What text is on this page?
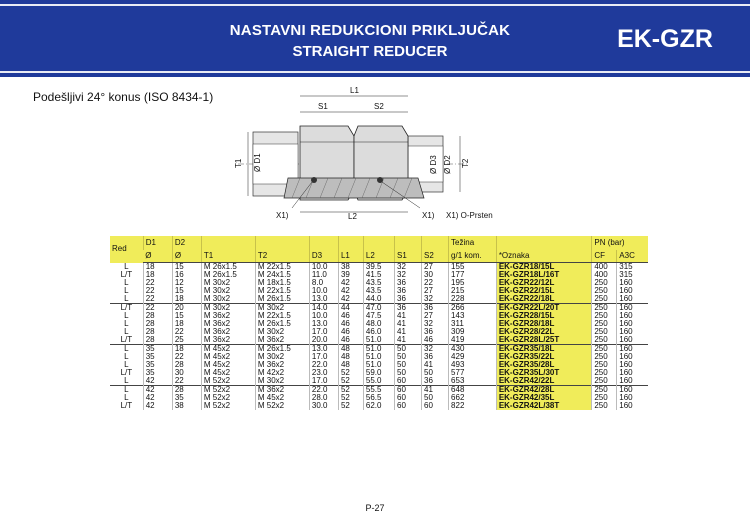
NASTAVNI REDUKCIONI PRIKLJUČAK
STRAIGHT REDUCER	EK-GZR
Podešljivi 24° konus (ISO 8434-1)	L1
S1	S2
T1 Ø D1	Ø D3 Ø D2 T2
L2
X1)	X1) X1) O-Prsten
Red	D1	D2								Težina		PN (bar)	
	Ø	Ø	T1	T2	D3	L1	L2	S1	S2	g/1 kom.	*Oznaka	CF	A3C
L	18	15	M 26x1.5	M 22x1.5	10.0	38	39.5	32	27	155	EK-GZR18/15L	400	315
L/T	18	16	M 26x1.5	M 24x1.5	11.0	39	41.5	32	30	177	EK-GZR18L/16T	400	315
L	22	12	M 30x2	M 18x1.5	8.0	42	43.5	36	22	195	EK-GZR22/12L	250	160
L	22	15	M 30x2	M 22x1.5	10.0	42	43.5	36	27	215	EK-GZR22/15L	250	160
L	22	18	M 30x2	M 26x1.5	13.0	42	44.0	36	32	228	EK-GZR22/18L	250	160
L/T	22	20	M 30x2	M 30x2	14.0	44	47.0	36	36	266	EK-GZR22L/20T	250	160
L	28	15	M 36x2	M 22x1.5	10.0	46	47.5	41	27	143	EK-GZR28/15L	250	160
L	28	18	M 36x2	M 26x1.5	13.0	46	48.0	41	32	311	EK-GZR28/18L	250	160
L	28	22	M 36x2	M 30x2	17.0	46	46.0	41	36	309	EK-GZR28/22L	250	160
L/T	28	25	M 36x2	M 36x2	20.0	46	51.0	41	46	419	EK-GZR28L/25T	250	160
L	35	18	M 45x2	M 26x1.5	13.0	48	51.0	50	32	430	EK-GZR35/18L	250	160
L	35	22	M 45x2	M 30x2	17.0	48	51.0	50	36	429	EK-GZR35/22L	250	160
L	35	28	M 45x2	M 36x2	22.0	48	51.0	50	41	493	EK-GZR35/28L	250	160
L/T	35	30	M 45x2	M 42x2	23.0	52	59.0	50	50	577	EK-GZR35L/30T	250	160
L	42	22	M 52x2	M 30x2	17.0	52	55.0	60	36	653	EK-GZR42/22L	250	160
L	42	28	M 52x2	M 36x2	22.0	52	55.5	60	41	648	EK-GZR42/28L	250	160
L	42	35	M 52x2	M 45x2	28.0	52	56.5	60	50	662	EK-GZR42/35L	250	160
L/T	42	38	M 52x2	M 52x2	30.0	52	62.0	60	60	822	EK-GZR42L/38T	250	160
P-27
